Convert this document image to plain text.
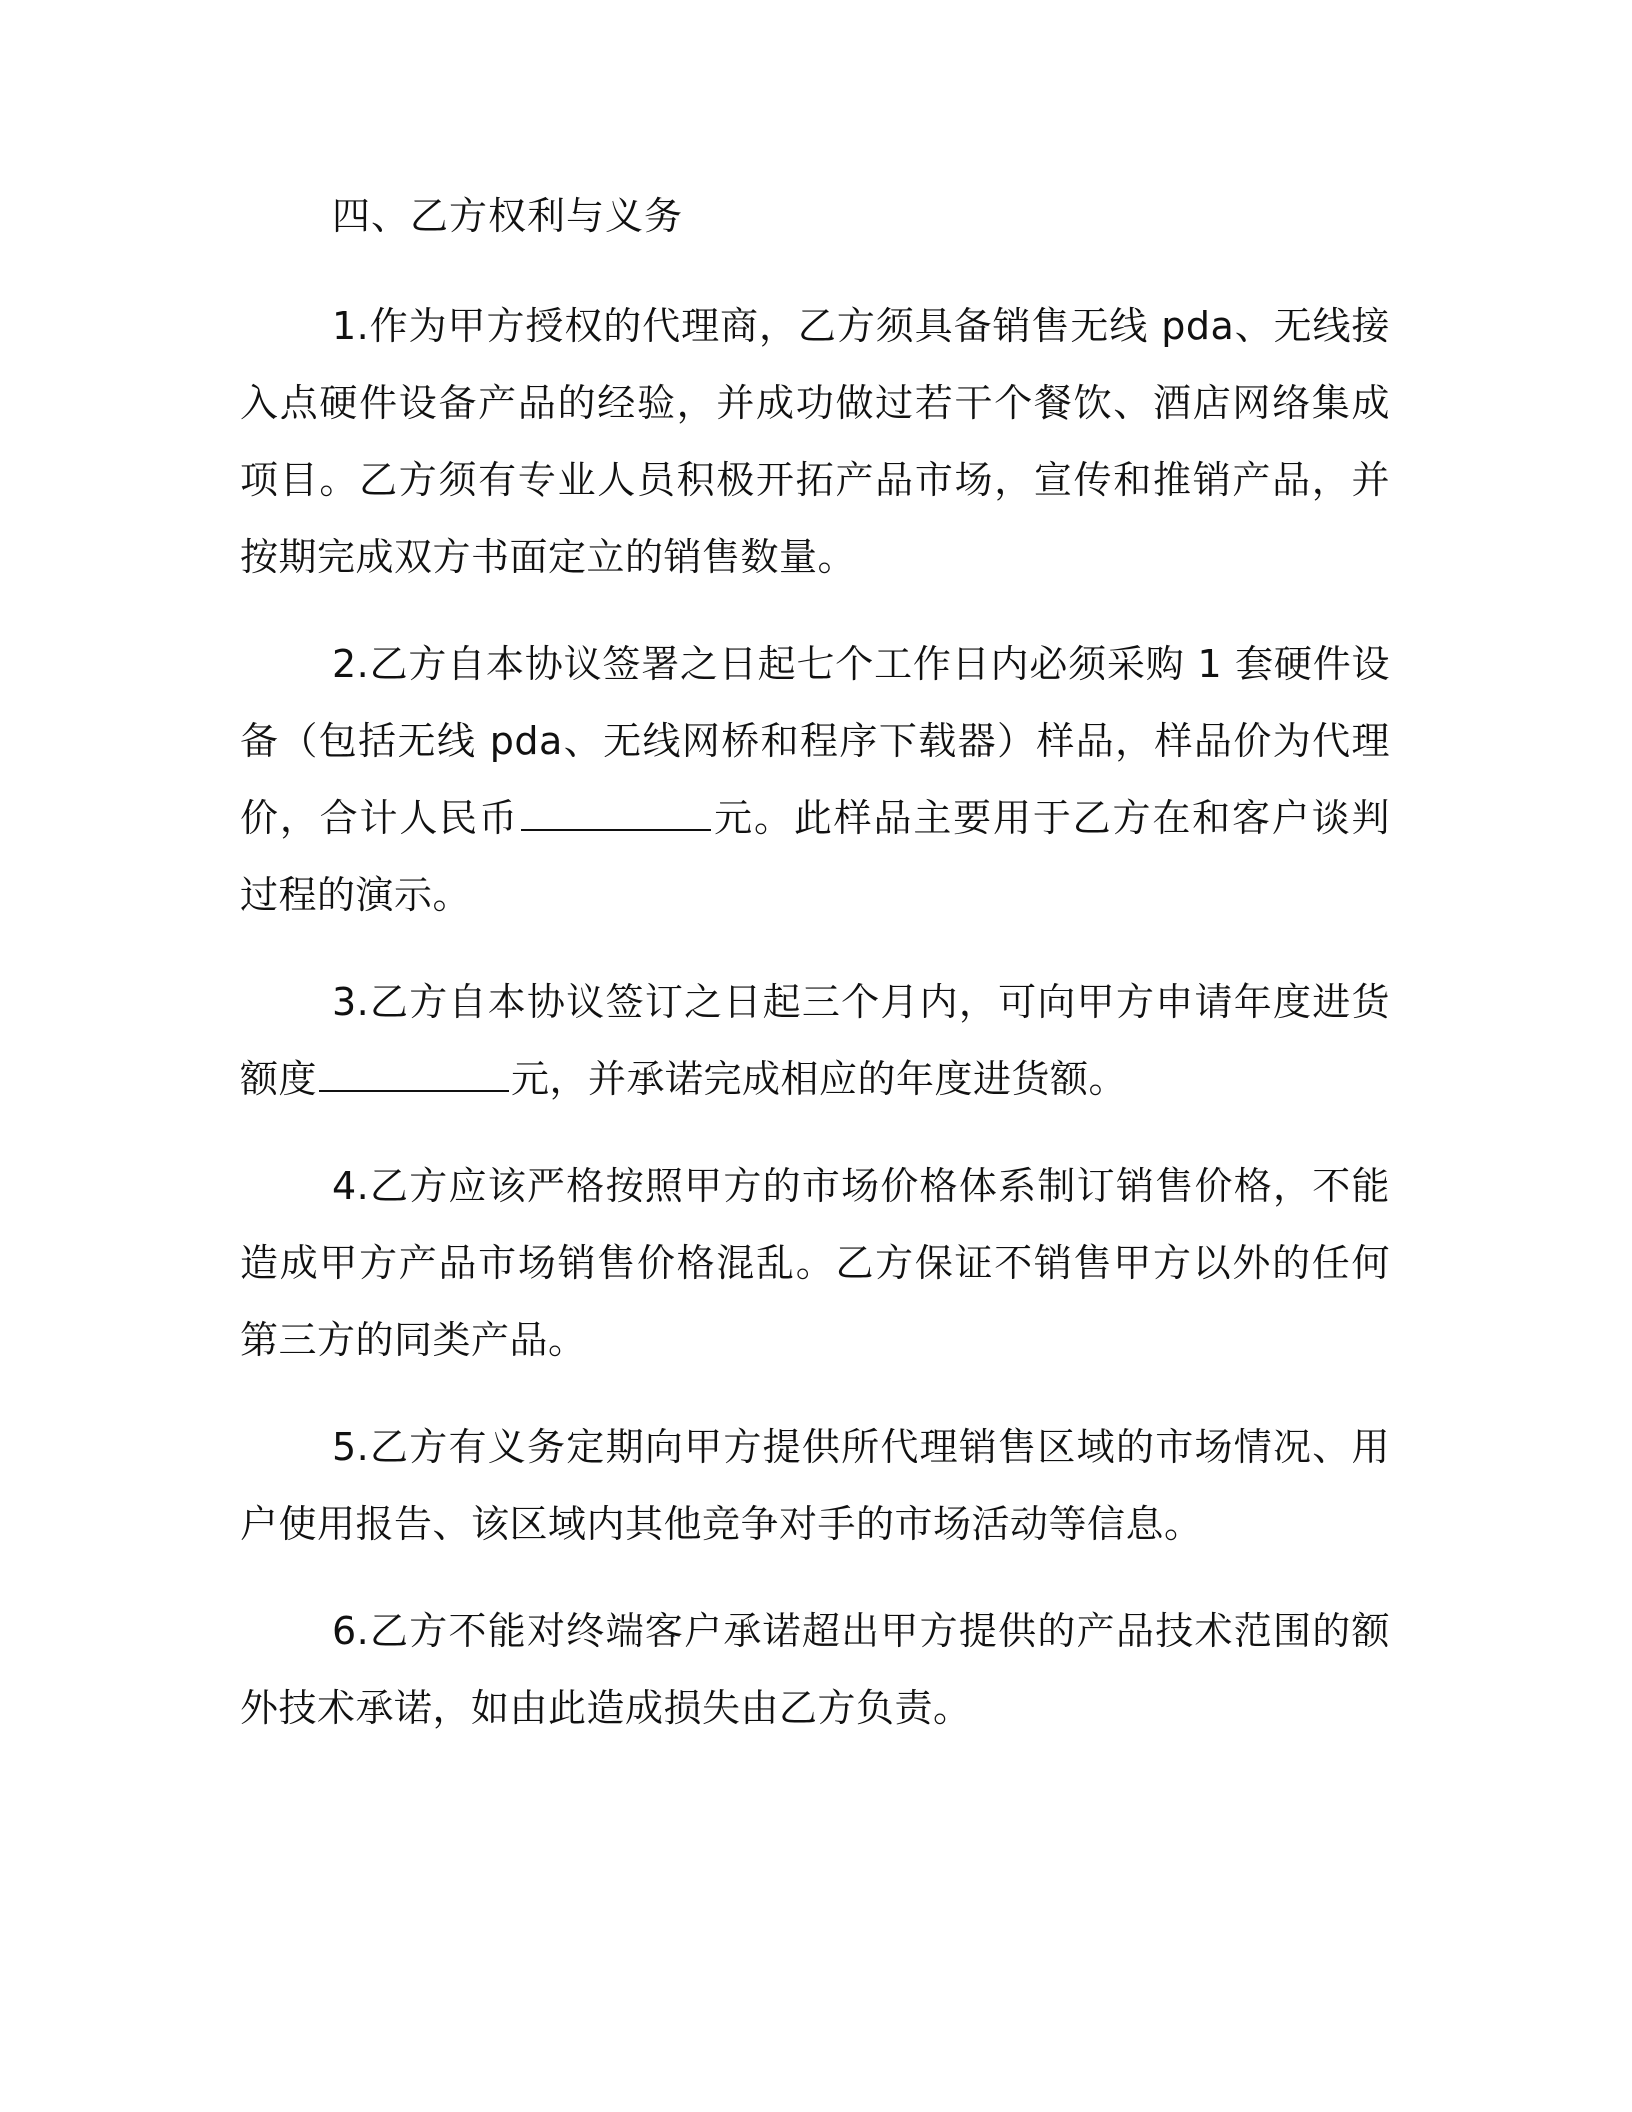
四、乙方权利与义务

1.作为甲方授权的代理商，乙方须具备销售无线 pda、无线接入点硬件设备产品的经验，并成功做过若干个餐饮、酒店网络集成项目。乙方须有专业人员积极开拓产品市场，宣传和推销产品，并按期完成双方书面定立的销售数量。

2.乙方自本协议签署之日起七个工作日内必须采购 1 套硬件设备（包括无线 pda、无线网桥和程序下载器）样品，样品价为代理价，合计人民币	元。此样品主要用于乙方在和客户谈判过程的演示。

3.乙方自本协议签订之日起三个月内，可向甲方申请年度进货额度	元，并承诺完成相应的年度进货额。

4.乙方应该严格按照甲方的市场价格体系制订销售价格，不能造成甲方产品市场销售价格混乱。乙方保证不销售甲方以外的任何第三方的同类产品。

5.乙方有义务定期向甲方提供所代理销售区域的市场情况、用户使用报告、该区域内其他竞争对手的市场活动等信息。

6.乙方不能对终端客户承诺超出甲方提供的产品技术范围的额外技术承诺，如由此造成损失由乙方负责。
